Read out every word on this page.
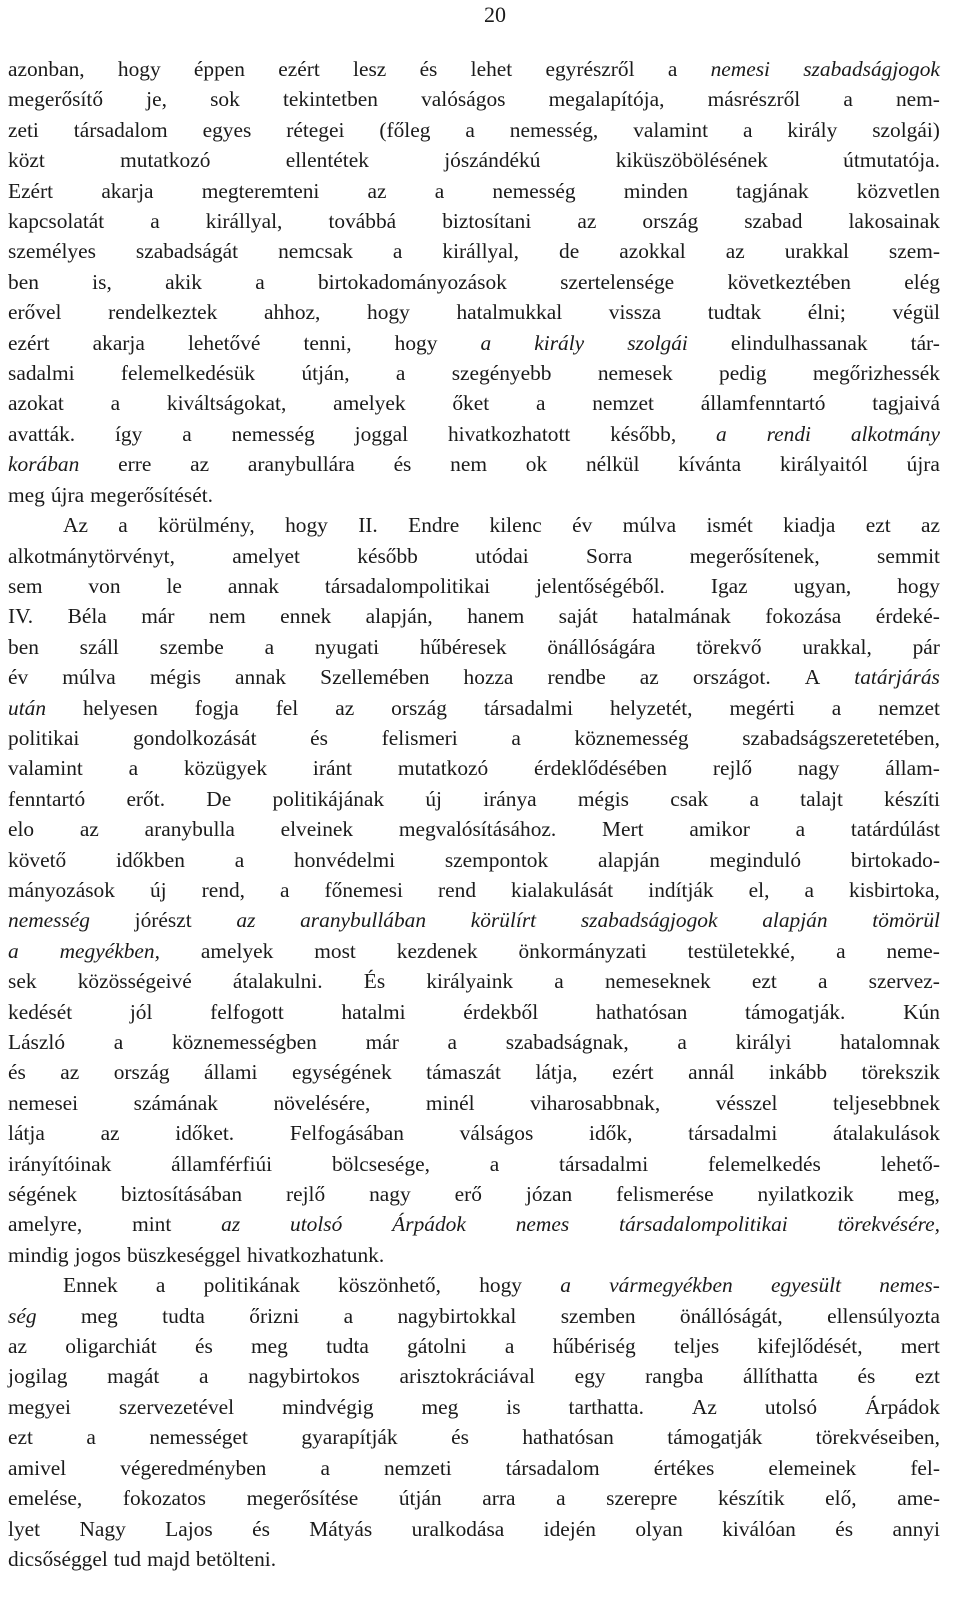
20
azonban, hogy éppen ezért lesz és lehet egyrészről a nemesi szabadságjogok
megerősítő je, sok tekintetben valóságos megalapítója, másrészről a nem-
zeti társadalom egyes rétegei (főleg a nemesség, valamint a király szolgái)
közt	mutatkozó	ellentétek	jószándékú	kiküszöbölésének	útmutatója.
Ezért akarja megteremteni az a nemesség minden tagjának közvetlen
kapcsolatát a királlyal, továbbá biztosítani az ország szabad lakosainak
személyes szabadságát nemcsak a királlyal, de azokkal az urakkal szem-
ben is, akik a birtokadományozások szertelensége következtében elég
erővel rendelkeztek ahhoz, hogy hatalmukkal vissza tudtak élni; végül
ezért akarja lehetővé tenni, hogy a király szolgái elindulhassanak tár-
sadalmi felemelkedésük útján, a szegényebb nemesek pedig megőrizhessék
azokat a kiváltságokat, amelyek őket a nemzet államfenntartó tagjaivá
avatták. így a nemesség joggal hivatkozhatott később, a rendi alkotmány
korában erre az aranybullára és nem ok nélkül kívánta királyaitól újra
meg újra megerősítését.
Az a körülmény, hogy II. Endre kilenc év múlva ismét kiadja ezt az
alkotmánytörvényt,	amelyet	később	utódai	Sorra	megerősítenek,	semmit
sem von le annak társadalompolitikai jelentőségéből. Igaz ugyan, hogy
IV. Béla már nem ennek alapján, hanem saját hatalmának fokozása érdeké-
ben száll szembe a nyugati hűbéresek önállóságára törekvő urakkal, pár
év múlva mégis annak Szellemében hozza rendbe az országot. A tatárjárás
után helyesen fogja fel az ország társadalmi helyzetét, megérti a nemzet
politikai	gondolkozását	és	felismeri	a	köznemesség	szabadságszeretetében,
valamint a közügyek iránt mutatkozó érdeklődésében rejlő nagy állam-
fenntartó erőt. De politikájának új iránya mégis csak a talajt készíti
elo az aranybulla elveinek megvalósításához. Mert amikor a tatárdúlást
követő időkben a honvédelmi szempontok alapján meginduló birtokado-
mányozások új rend, a főnemesi rend kialakulását indítják el, a kisbirtoka,
nemesség jórészt az aranybullában körülírt szabadságjogok alapján tömörül
a megyékben, amelyek most kezdenek önkormányzati testületekké, a neme-
sek közösségeivé átalakulni. És királyaink a nemeseknek ezt a szervez-
kedését	jól	felfogott	hatalmi	érdekből	hathatósan	támogatják.	Kún
László a köznemességben már a szabadságnak, a királyi hatalomnak
és az ország állami egységének támaszát látja, ezért annál inkább törekszik
nemesei	számának	növelésére,	minél	viharosabbnak,	vésszel	teljesebbnek
látja	az	időket.	Felfogásában	válságos	idők,	társadalmi	átalakulások
irányítóinak	államférfiúi	bölcsesége,	a	társadalmi	felemelkedés	lehető-
ségének biztosításában rejlő nagy erő józan felismerése nyilatkozik meg,
amelyre, mint az utolsó Árpádok nemes társadalompolitikai törekvésére,
mindig jogos büszkeséggel hivatkozhatunk.
Ennek a politikának köszönhető, hogy a vármegyékben egyesült nemes-
ség meg tudta őrizni a nagybirtokkal szemben önállóságát, ellensúlyozta
az oligarchiát és meg tudta gátolni a hűbériség teljes kifejlődését, mert
jogilag magát a nagybirtokos arisztokráciával egy rangba állíthatta és ezt
megyei szervezetével mindvégig meg is tarthatta. Az utolsó Árpádok
ezt a nemességet gyarapítják és hathatósan támogatják törekvéseiben,
amivel	végeredményben	a	nemzeti	társadalom	értékes	elemeinek	fel-
emelése, fokozatos megerősítése útján arra a szerepre készítik elő, ame-
lyet Nagy Lajos és Mátyás uralkodása idején olyan kiválóan és annyi
dicsőséggel tud majd betölteni.
